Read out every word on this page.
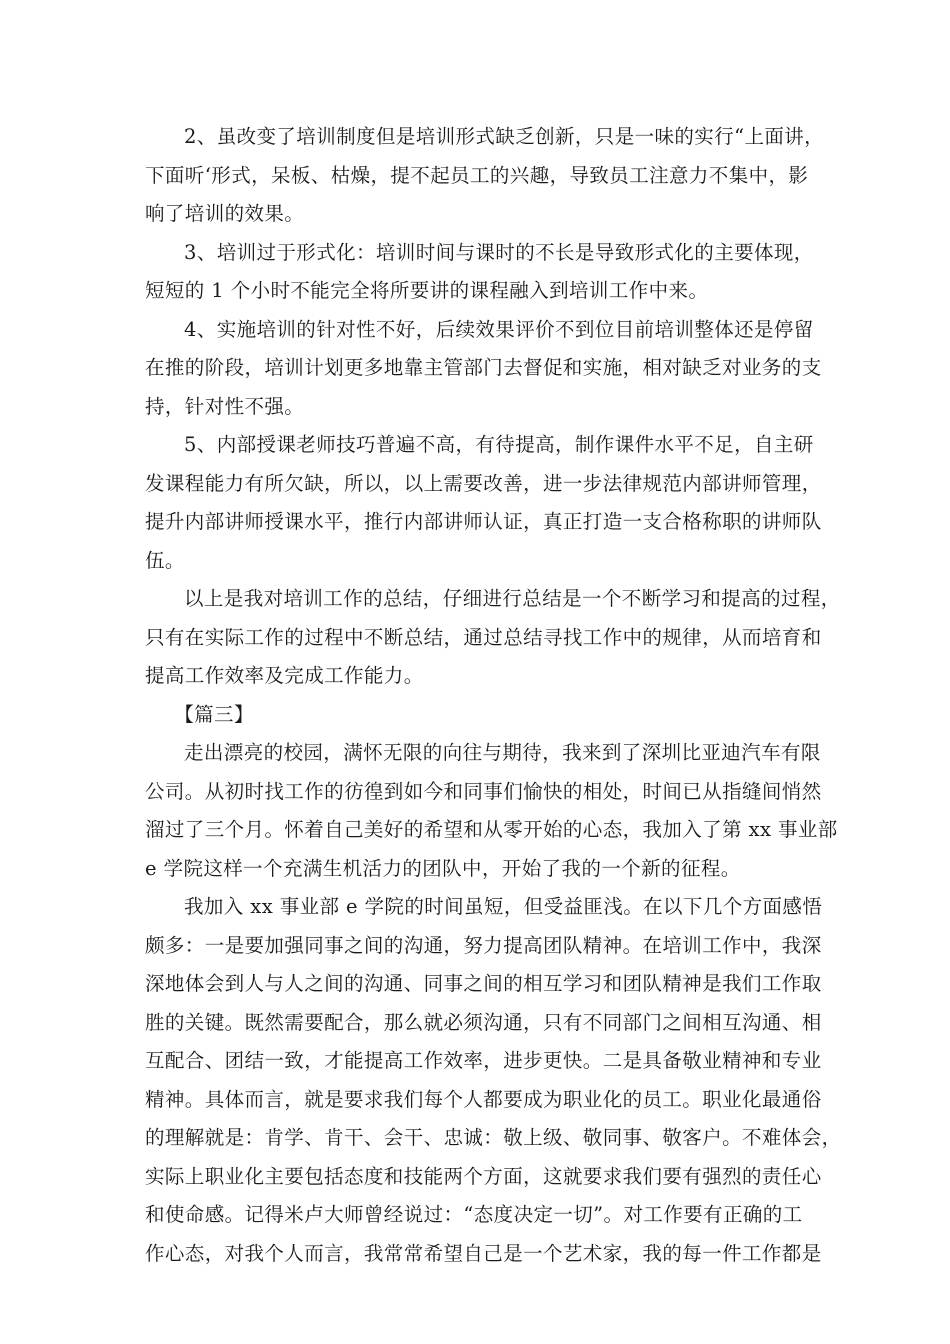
2、虽改变了培训制度但是培训形式缺乏创新，只是一味的实行“上面讲，
下面听‘形式，呆板、枯燥，提不起员工的兴趣，导致员工注意力不集中，影
响了培训的效果。
3、培训过于形式化：培训时间与课时的不长是导致形式化的主要体现，
短短的 1 个小时不能完全将所要讲的课程融入到培训工作中来。
4、实施培训的针对性不好，后续效果评价不到位目前培训整体还是停留
在推的阶段，培训计划更多地靠主管部门去督促和实施，相对缺乏对业务的支
持，针对性不强。
5、内部授课老师技巧普遍不高，有待提高，制作课件水平不足，自主研
发课程能力有所欠缺，所以，以上需要改善，进一步法律规范内部讲师管理，
提升内部讲师授课水平，推行内部讲师认证，真正打造一支合格称职的讲师队
伍。
以上是我对培训工作的总结，仔细进行总结是一个不断学习和提高的过程，
只有在实际工作的过程中不断总结，通过总结寻找工作中的规律，从而培育和
提高工作效率及完成工作能力。
【篇三】
走出漂亮的校园，满怀无限的向往与期待，我来到了深圳比亚迪汽车有限
公司。从初时找工作的彷徨到如今和同事们愉快的相处，时间已从指缝间悄然
溜过了三个月。怀着自己美好的希望和从零开始的心态，我加入了第 xx 事业部
e 学院这样一个充满生机活力的团队中，开始了我的一个新的征程。
我加入 xx 事业部 e 学院的时间虽短，但受益匪浅。在以下几个方面感悟
颇多：一是要加强同事之间的沟通，努力提高团队精神。在培训工作中，我深
深地体会到人与人之间的沟通、同事之间的相互学习和团队精神是我们工作取
胜的关键。既然需要配合，那么就必须沟通，只有不同部门之间相互沟通、相
互配合、团结一致，才能提高工作效率，进步更快。二是具备敬业精神和专业
精神。具体而言，就是要求我们每个人都要成为职业化的员工。职业化最通俗
的理解就是：肯学、肯干、会干、忠诚：敬上级、敬同事、敬客户。不难体会，
实际上职业化主要包括态度和技能两个方面，这就要求我们要有强烈的责任心
和使命感。记得米卢大师曾经说过：“态度决定一切”。对工作要有正确的工
作心态，对我个人而言，我常常希望自己是一个艺术家，我的每一件工作都是
